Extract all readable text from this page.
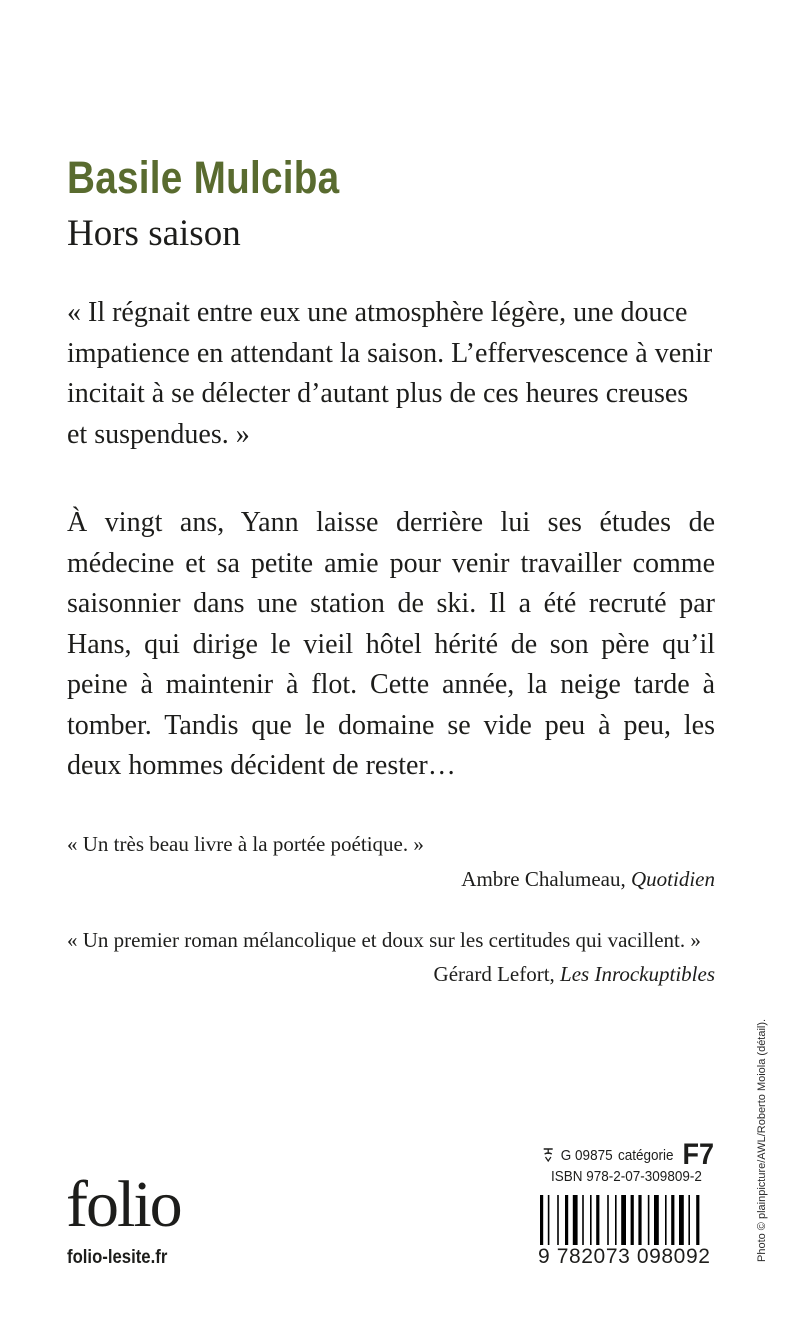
Basile Mulciba
Hors saison

« Il régnait entre eux une atmosphère légère, une douce impatience en attendant la saison. L’effervescence à venir incitait à se délecter d’autant plus de ces heures creuses et suspendues. »

À vingt ans, Yann laisse derrière lui ses études de médecine et sa petite amie pour venir travailler comme saisonnier dans une station de ski. Il a été recruté par Hans, qui dirige le vieil hôtel hérité de son père qu’il peine à maintenir à flot. Cette année, la neige tarde à tomber. Tandis que le domaine se vide peu à peu, les deux hommes décident de rester…

« Un très beau livre à la portée poétique. »

Ambre Chalumeau, Quotidien

« Un premier roman mélancolique et doux sur les certitudes qui vacillent. »

Gérard Lefort, Les Inrockuptibles

G 09875 catégorie F7
ISBN 978-2-07-309809-2
9 782073 098092
folio
folio-lesite.fr	Photo © plainpicture/AWL/Roberto Moiola (détail).
